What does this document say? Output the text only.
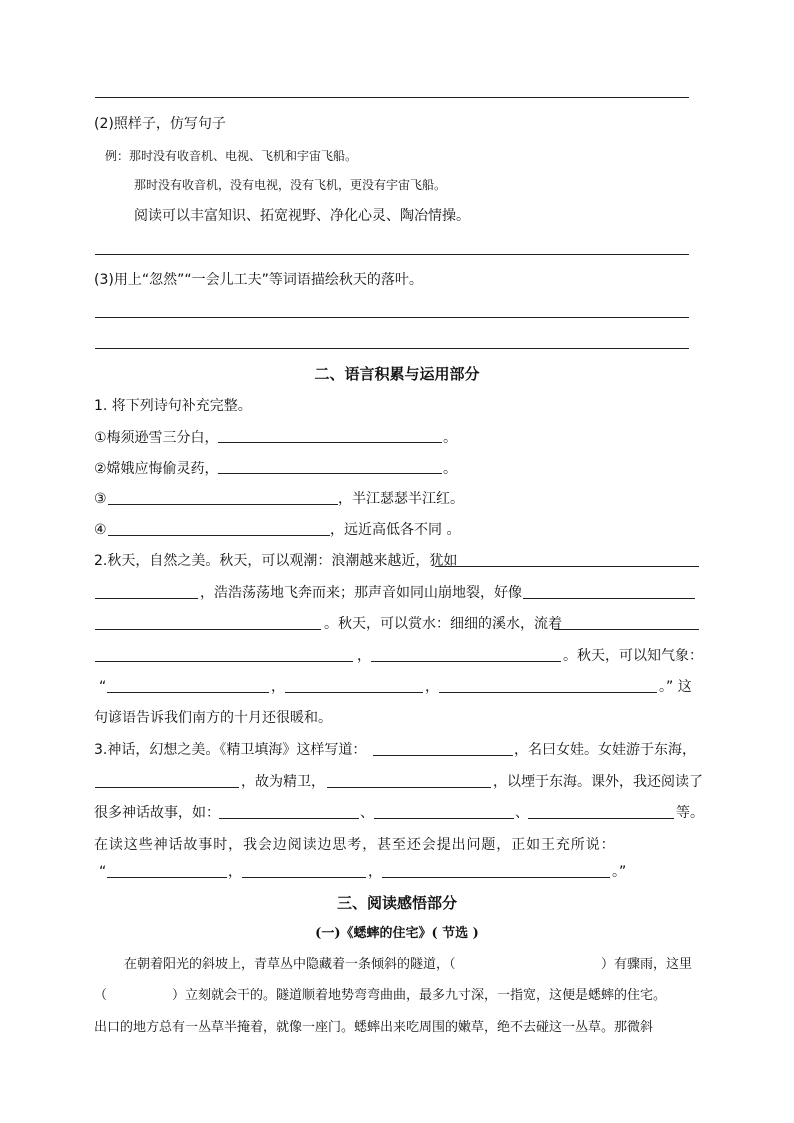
(2)照样子，仿写句子
例：那时没有收音机、电视、飞机和宇宙飞船。
那时没有收音机，没有电视，没有飞机，更没有宇宙飞船。
阅读可以丰富知识、拓宽视野、净化心灵、陶冶情操。
(3)用上“忽然”“一会儿工夫”等词语描绘秋天的落叶。
二、语言积累与运用部分
1. 将下列诗句补充完整。
①梅须逊雪三分白，	。
②嫦娥应悔偷灵药，	。
③	，半江瑟瑟半江红。
④	，远近高低各不同 。
2.秋天，自然之美。秋天，可以观潮：浪潮越来越近，犹如
，浩浩荡荡地飞奔而来；那声音如同山崩地裂，好像
。秋天，可以赏水：细细的溪水，流着
，	。秋天，可以知气象：
“	，	，	。” 这
句谚语告诉我们南方的十月还很暖和。
3.神话，幻想之美。《精卫填海》这样写道：	，名曰女娃。女娃游于东海，
，故为精卫，	，以堙于东海。课外，我还阅读了
很多神话故事，如：	、	、	等。
在读这些神话故事时，我会边阅读边思考，甚至还会提出问题，正如王充所说：
“	，	，	。”
三、阅读感悟部分
(一)《蟋蟀的住宅》( 节选 )
在朝着阳光的斜坡上，青草丛中隐藏着一条倾斜的隧道，（	）有骤雨，这里
（	）立刻就会干的。隧道顺着地势弯弯曲曲，最多九寸深，一指宽，这便是蟋蟀的住宅。
出口的地方总有一丛草半掩着，就像一座门。蟋蟀出来吃周围的嫩草，绝不去碰这一丛草。那微斜
